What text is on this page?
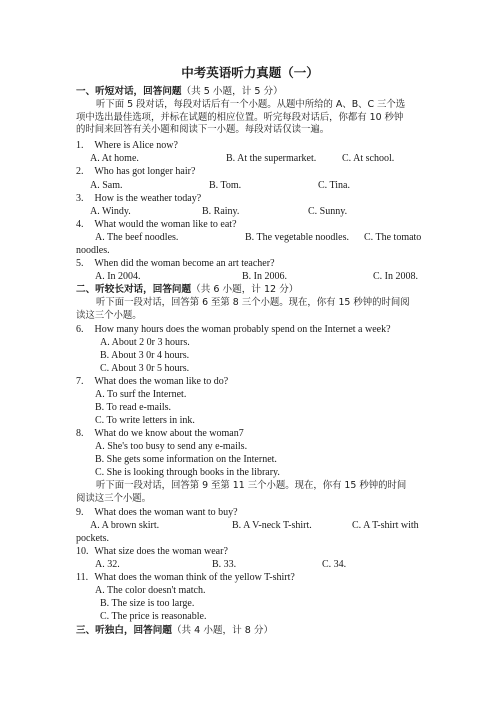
中考英语听力真题（一）
一、听短对话，回答问题（共 5 小题，计 5 分）
听下面 5 段对话，每段对话后有一个小题。从题中所给的 A、B、C 三个选
项中选出最佳选项，并标在试题的相应位置。听完每段对话后，你都有 10 秒钟
的时间来回答有关小题和阅读下一小题。每段对话仅读一遍。
1. Where is Alice now?
A. At home.	B. At the supermarket.	C. At school.
2. Who has got longer hair?
A. Sam.	B. Tom.	C. Tina.
3. How is the weather today?
A. Windy.	B. Rainy.	C. Sunny.
4. What would the woman like to eat?
A. The beef noodles.	B. The vegetable noodles. C. The tomato
noodles.
5. When did the woman become an art teacher?
A. In 2004.	B. In 2006.	C. In 2008.
二、听较长对话，回答问题（共 6 小题，计 12 分）
听下面一段对话，回答第 6 至第 8 三个小题。现在，你有 15 秒钟的时间阅
读这三个小题。
6. How many hours does the woman probably spend on the Internet a week?
A. About 2 0r 3 hours.
B. About 3 0r 4 hours.
C. About 3 0r 5 hours.
7. What does the woman like to do?
A. To surf the Internet.
B. To read e-mails.
C. To write letters in ink.
8. What do we know about the woman7
A. She's too busy to send any e-mails.
B. She gets some information on the Internet.
C. She is looking through books in the library.
听下面一段对话，回答第 9 至第 11 三个小题。现在，你有 15 秒钟的时间
阅读这三个小题。
9. What does the woman want to buy?
A. A brown skirt.	B. A V-neck T-shirt.	C. A T-shirt with
pockets.
10. What size does the woman wear?
A. 32.	B. 33.	C. 34.
11. What does the woman think of the yellow T-shirt?
A. The color doesn't match.
B. The size is too large.
C. The price is reasonable.
三、听独白，回答问题（共 4 小题，计 8 分）
